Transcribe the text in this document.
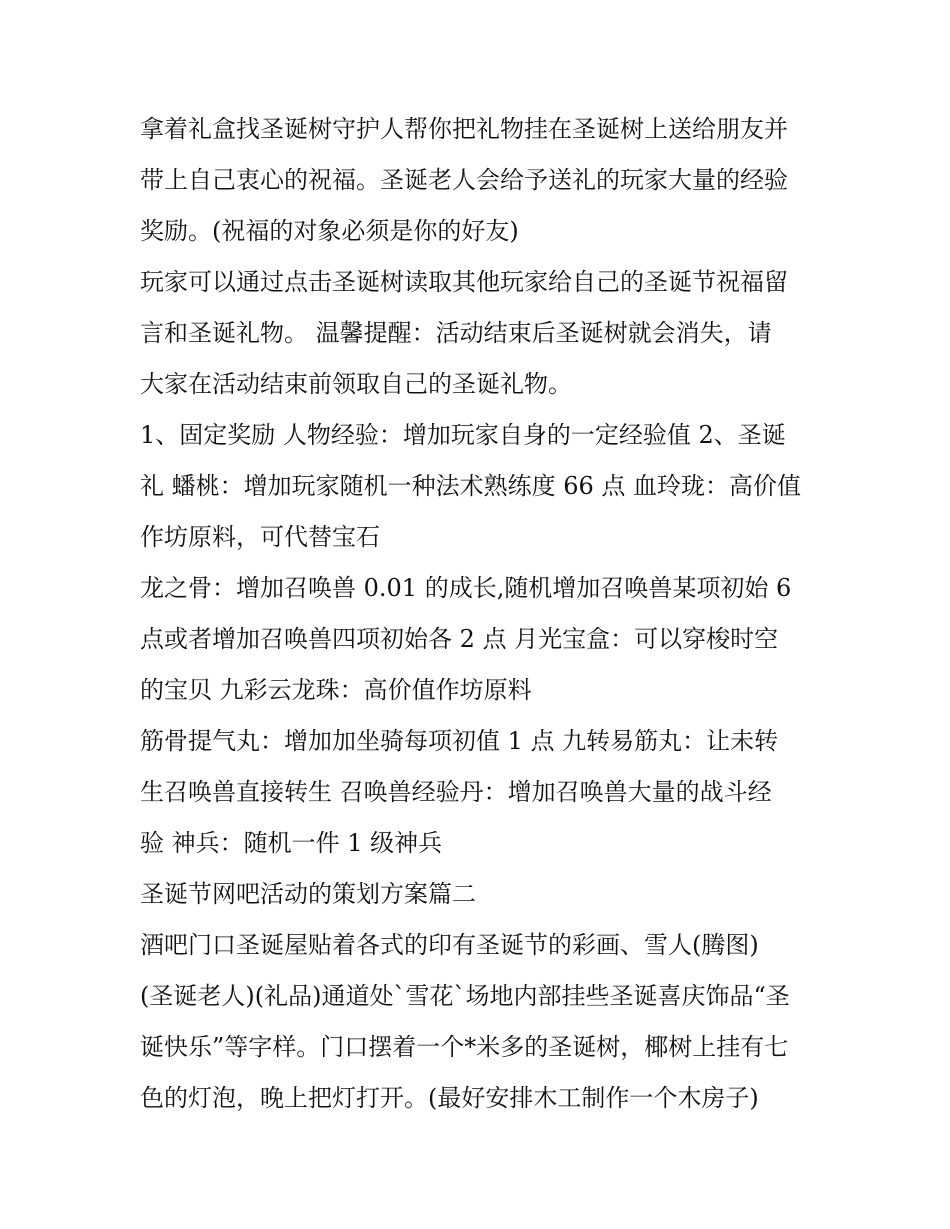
拿着礼盒找圣诞树守护人帮你把礼物挂在圣诞树上送给朋友并
带上自己衷心的祝福。圣诞老人会给予送礼的玩家大量的经验
奖励。(祝福的对象必须是你的好友)
玩家可以通过点击圣诞树读取其他玩家给自己的圣诞节祝福留
言和圣诞礼物。 温馨提醒：活动结束后圣诞树就会消失，请
大家在活动结束前领取自己的圣诞礼物。
1、固定奖励 人物经验：增加玩家自身的一定经验值 2、圣诞
礼 蟠桃：增加玩家随机一种法术熟练度 66 点 血玲珑：高价值
作坊原料，可代替宝石
龙之骨：增加召唤兽 0.01 的成长,随机增加召唤兽某项初始 6
点或者增加召唤兽四项初始各 2 点 月光宝盒：可以穿梭时空
的宝贝 九彩云龙珠：高价值作坊原料
筋骨提气丸：增加加坐骑每项初值 1 点 九转易筋丸：让未转
生召唤兽直接转生 召唤兽经验丹：增加召唤兽大量的战斗经
验 神兵：随机一件 1 级神兵
圣诞节网吧活动的策划方案篇二
酒吧门口圣诞屋贴着各式的印有圣诞节的彩画、雪人(腾图)
(圣诞老人)(礼品)通道处`雪花`场地内部挂些圣诞喜庆饰品“圣
诞快乐”等字样。门口摆着一个*米多的圣诞树，椰树上挂有七
色的灯泡，晚上把灯打开。(最好安排木工制作一个木房子)
